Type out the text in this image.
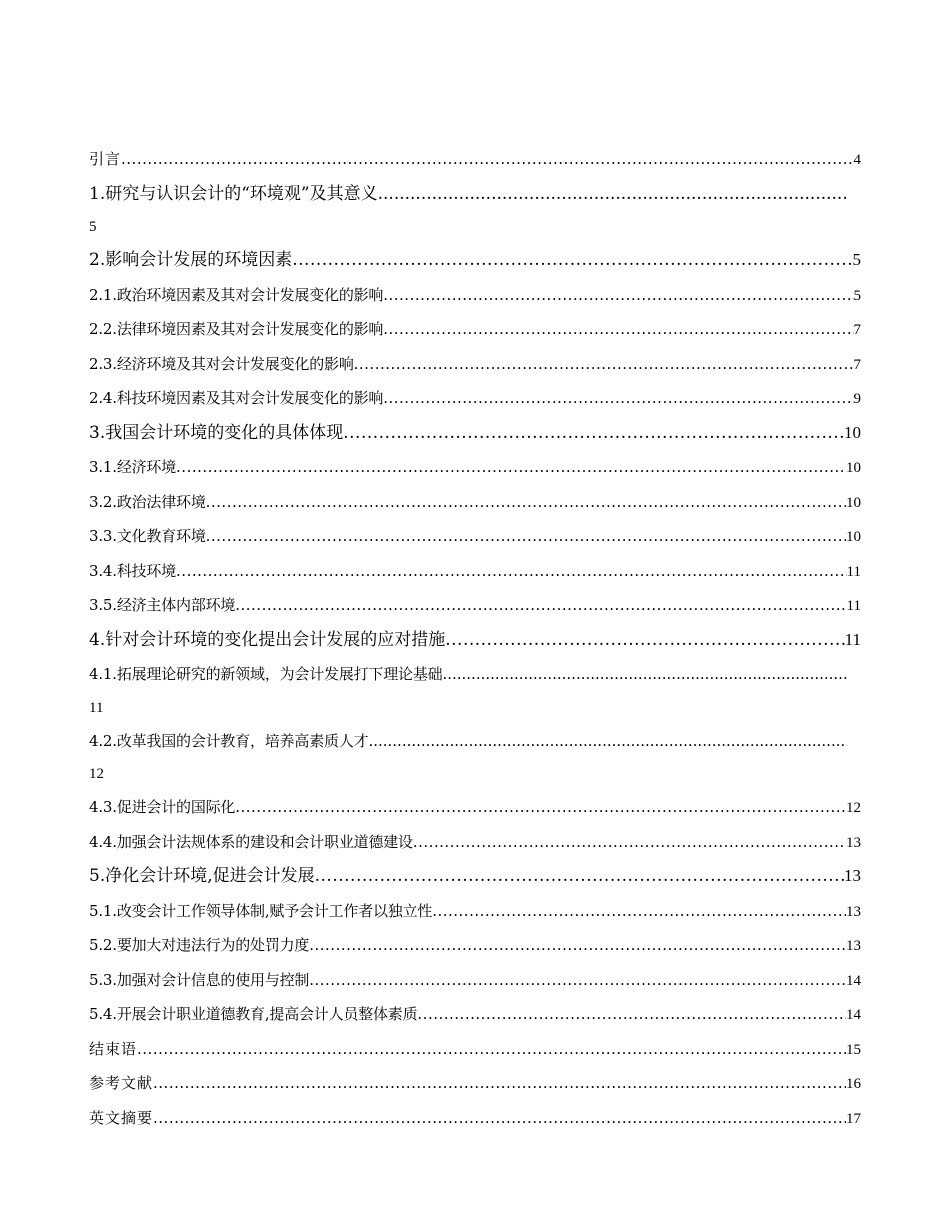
引言 .....	4
1.研究与认识会计的“环境观”及其意义
.....
5
2.影响会计发展的环境因素 .....	5
2.1.政治环境因素及其对会计发展变化的影响 .....	5
2.2.法律环境因素及其对会计发展变化的影响 .....	7
2.3.经济环境及其对会计发展变化的影响 .....	7
2.4.科技环境因素及其对会计发展变化的影响 .....	9
3.我国会计环境的变化的具体体现 .....	10
3.1.经济环境 .....	10
3.2.政治法律环境 .....	10
3.3.文化教育环境 .....	10
3.4.科技环境 .....	11
3.5.经济主体内部环境 .....	11
4.针对会计环境的变化提出会计发展的应对措施 .....	11
4.1.拓展理论研究的新领域，为会计发展打下理论基础
.....
11
4.2.改革我国的会计教育，培养高素质人才
.....
12
4.3.促进会计的国际化 .....	12
4.4.加强会计法规体系的建设和会计职业道德建设 .....	13
5.净化会计环境,促进会计发展 .....	13
5.1.改变会计工作领导体制,赋予会计工作者以独立性 .....	13
5.2.要加大对违法行为的处罚力度 .....	13
5.3.加强对会计信息的使用与控制 .....	14
5.4.开展会计职业道德教育,提高会计人员整体素质 .....	14
结束语 .....	15
参考文献 .....	16
英文摘要 .....	17
